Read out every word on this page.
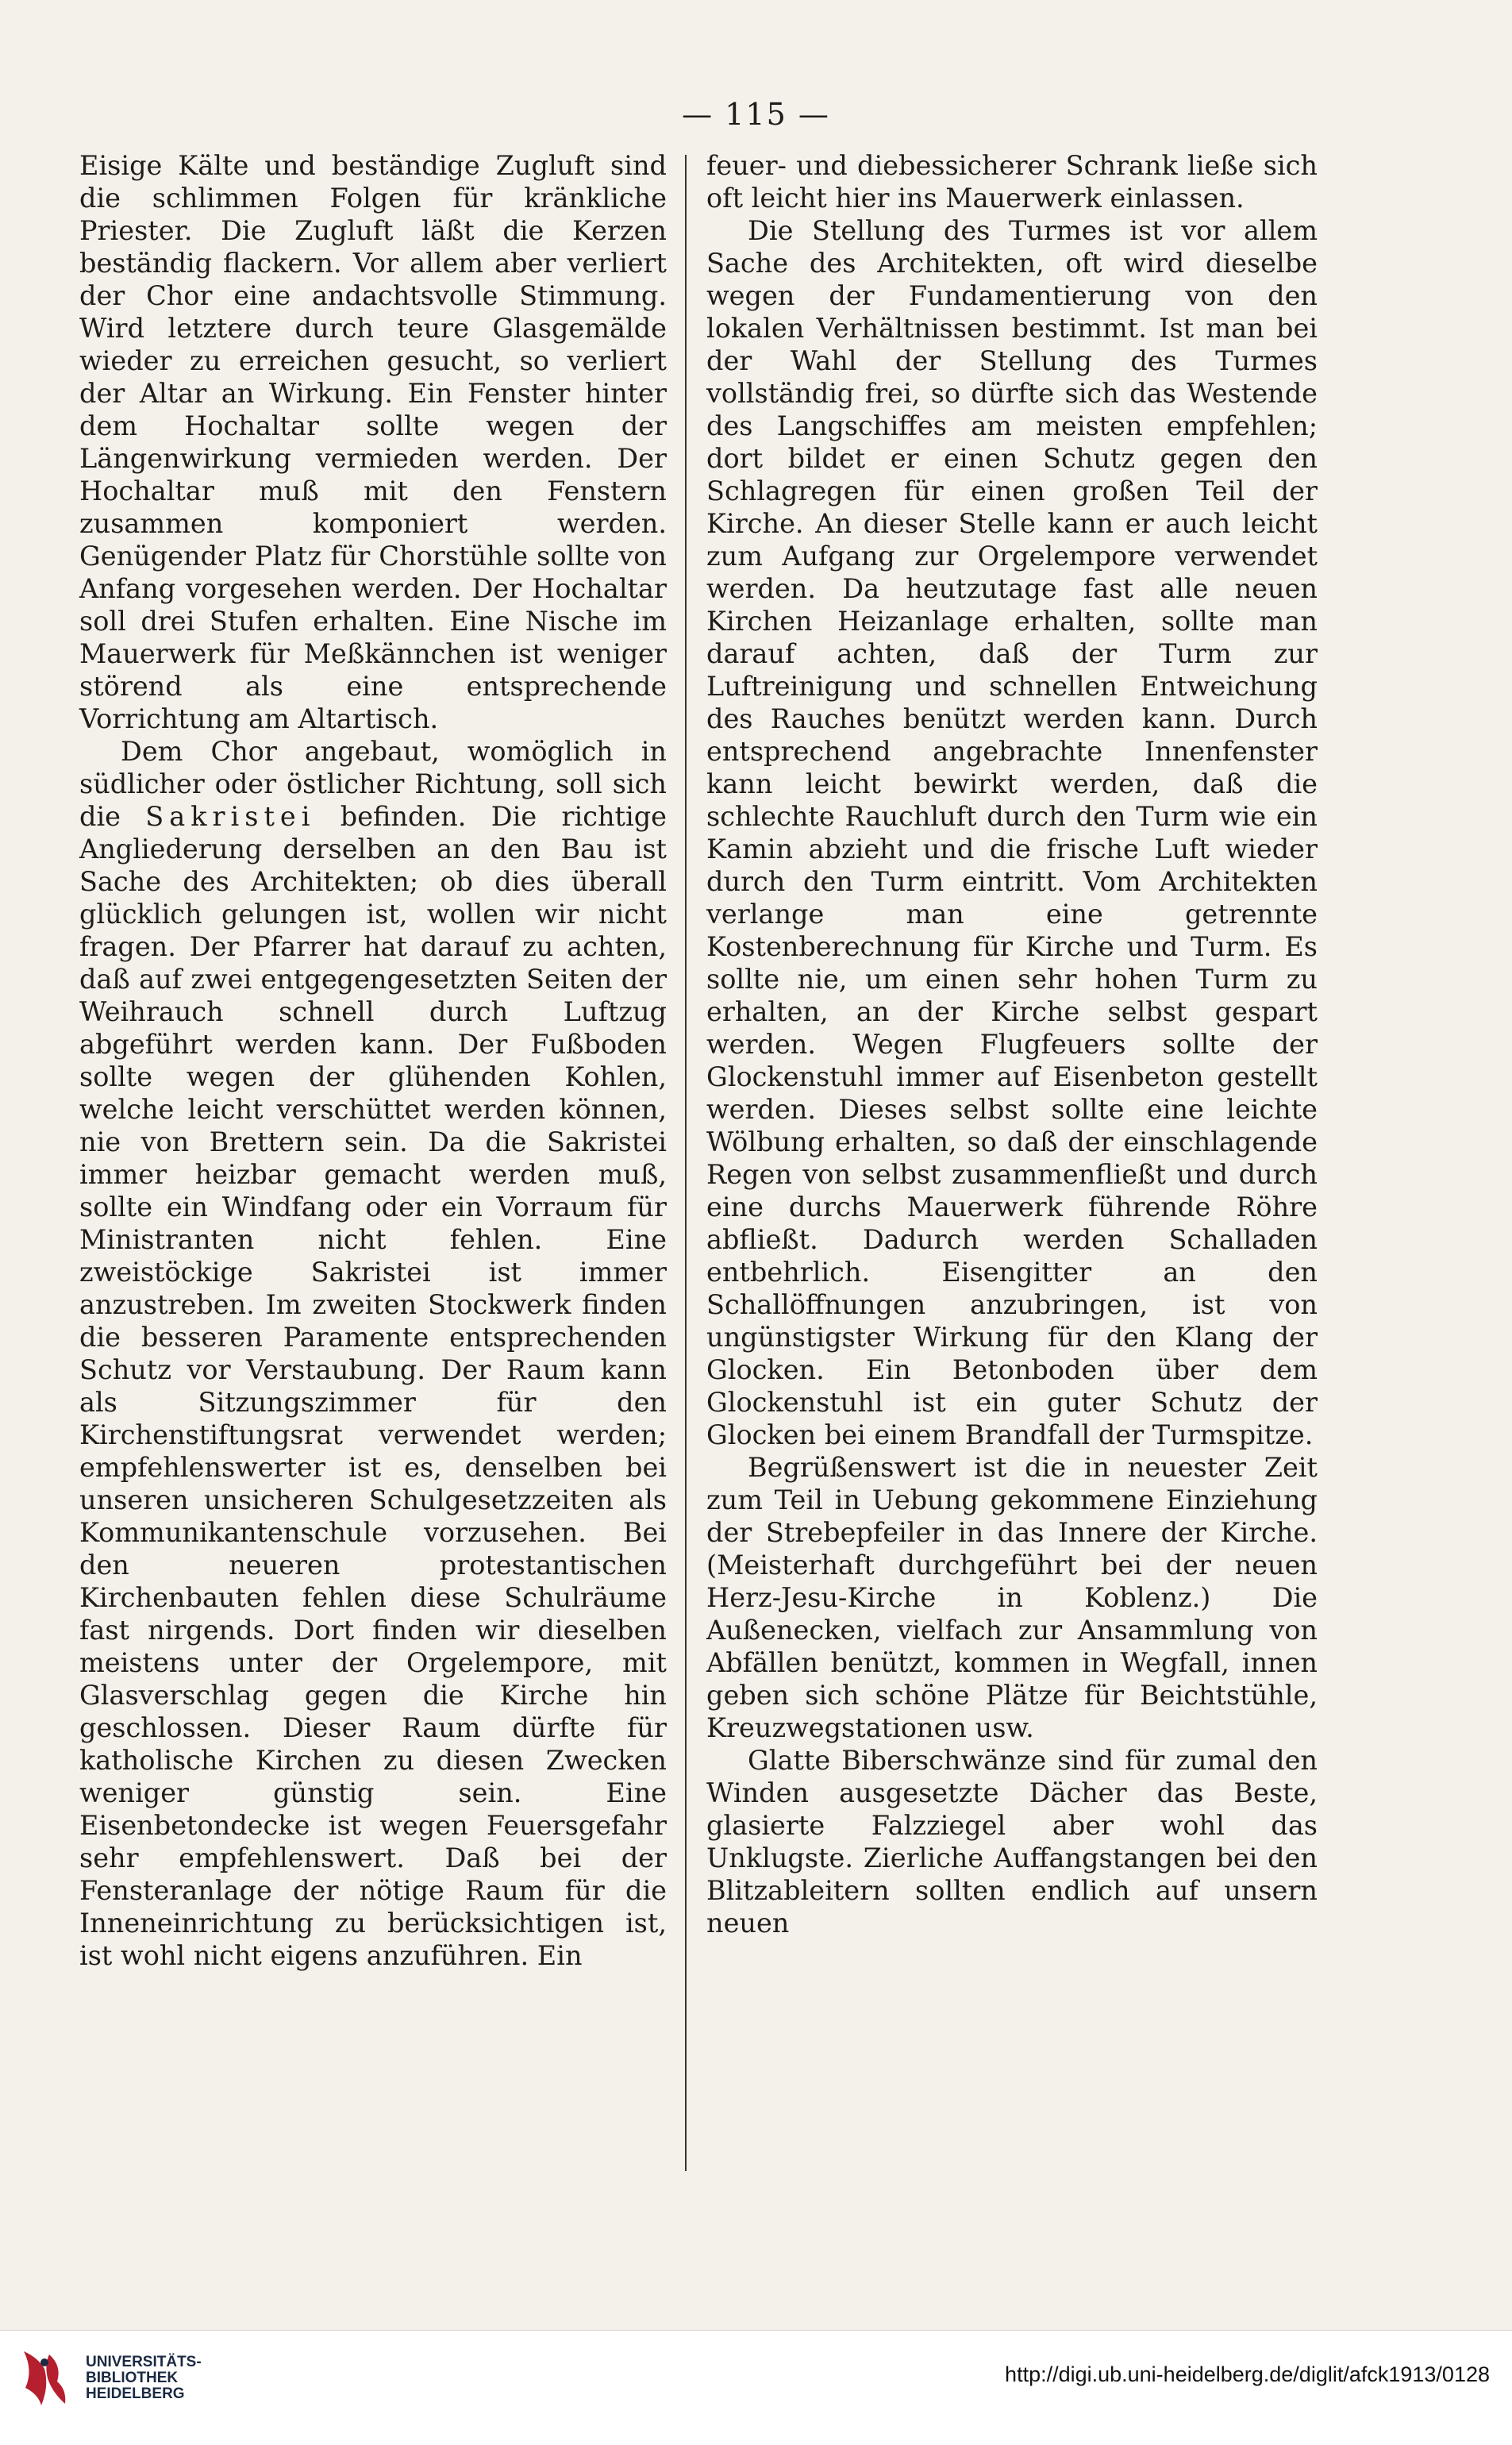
— 115 —

Eisige Kälte und beständige Zugluft sind die schlimmen Folgen für kränkliche Priester. Die Zugluft läßt die Kerzen beständig flackern. Vor allem aber verliert der Chor eine andachtsvolle Stimmung. Wird letztere durch teure Glasgemälde wieder zu erreichen gesucht, so verliert der Altar an Wirkung. Ein Fenster hinter dem Hochaltar sollte wegen der Längenwirkung vermieden werden. Der Hochaltar muß mit den Fenstern zusammen komponiert werden. Genügender Platz für Chorstühle sollte von Anfang vorgesehen werden. Der Hochaltar soll drei Stufen erhalten. Eine Nische im Mauerwerk für Meßkännchen ist weniger störend als eine entsprechende Vorrichtung am Altartisch.

Dem Chor angebaut, womöglich in südlicher oder östlicher Richtung, soll sich die Sakristei befinden. Die richtige Angliederung derselben an den Bau ist Sache des Architekten; ob dies überall glücklich gelungen ist, wollen wir nicht fragen. Der Pfarrer hat darauf zu achten, daß auf zwei entgegengesetzten Seiten der Weihrauch schnell durch Luftzug abgeführt werden kann. Der Fußboden sollte wegen der glühenden Kohlen, welche leicht verschüttet werden können, nie von Brettern sein. Da die Sakristei immer heizbar gemacht werden muß, sollte ein Windfang oder ein Vorraum für Ministranten nicht fehlen. Eine zweistöckige Sakristei ist immer anzustreben. Im zweiten Stockwerk finden die besseren Paramente entsprechenden Schutz vor Verstaubung. Der Raum kann als Sitzungszimmer für den Kirchenstiftungsrat verwendet werden; empfehlenswerter ist es, denselben bei unseren unsicheren Schulgesetzzeiten als Kommunikantenschule vorzusehen. Bei den neueren protestantischen Kirchenbauten fehlen diese Schulräume fast nirgends. Dort finden wir dieselben meistens unter der Orgelempore, mit Glasverschlag gegen die Kirche hin geschlossen. Dieser Raum dürfte für katholische Kirchen zu diesen Zwecken weniger günstig sein. Eine Eisenbetondecke ist wegen Feuersgefahr sehr empfehlenswert. Daß bei der Fensteranlage der nötige Raum für die Inneneinrichtung zu berücksichtigen ist, ist wohl nicht eigens anzuführen. Ein

feuer- und diebessicherer Schrank ließe sich oft leicht hier ins Mauerwerk einlassen.

Die Stellung des Turmes ist vor allem Sache des Architekten, oft wird dieselbe wegen der Fundamentierung von den lokalen Verhältnissen bestimmt. Ist man bei der Wahl der Stellung des Turmes vollständig frei, so dürfte sich das Westende des Langschiffes am meisten empfehlen; dort bildet er einen Schutz gegen den Schlagregen für einen großen Teil der Kirche. An dieser Stelle kann er auch leicht zum Aufgang zur Orgelempore verwendet werden. Da heutzutage fast alle neuen Kirchen Heizanlage erhalten, sollte man darauf achten, daß der Turm zur Luftreinigung und schnellen Entweichung des Rauches benützt werden kann. Durch entsprechend angebrachte Innenfenster kann leicht bewirkt werden, daß die schlechte Rauchluft durch den Turm wie ein Kamin abzieht und die frische Luft wieder durch den Turm eintritt. Vom Architekten verlange man eine getrennte Kostenberechnung für Kirche und Turm. Es sollte nie, um einen sehr hohen Turm zu erhalten, an der Kirche selbst gespart werden. Wegen Flugfeuers sollte der Glockenstuhl immer auf Eisenbeton gestellt werden. Dieses selbst sollte eine leichte Wölbung erhalten, so daß der einschlagende Regen von selbst zusammenfließt und durch eine durchs Mauerwerk führende Röhre abfließt. Dadurch werden Schalladen entbehrlich. Eisengitter an den Schallöffnungen anzubringen, ist von ungünstigster Wirkung für den Klang der Glocken. Ein Betonboden über dem Glockenstuhl ist ein guter Schutz der Glocken bei einem Brandfall der Turmspitze.

Begrüßenswert ist die in neuester Zeit zum Teil in Uebung gekommene Einziehung der Strebepfeiler in das Innere der Kirche. (Meisterhaft durchgeführt bei der neuen Herz-Jesu-Kirche in Koblenz.) Die Außenecken, vielfach zur Ansammlung von Abfällen benützt, kommen in Wegfall, innen geben sich schöne Plätze für Beichtstühle, Kreuzwegstationen usw.

Glatte Biberschwänze sind für zumal den Winden ausgesetzte Dächer das Beste, glasierte Falzziegel aber wohl das Unklugste. Zierliche Auffangstangen bei den Blitzableitern sollten endlich auf unsern neuen

UNIVERSITÄTS-
BIBLIOTHEK
HEIDELBERG
http://digi.ub.uni-heidelberg.de/diglit/afck1913/0128
